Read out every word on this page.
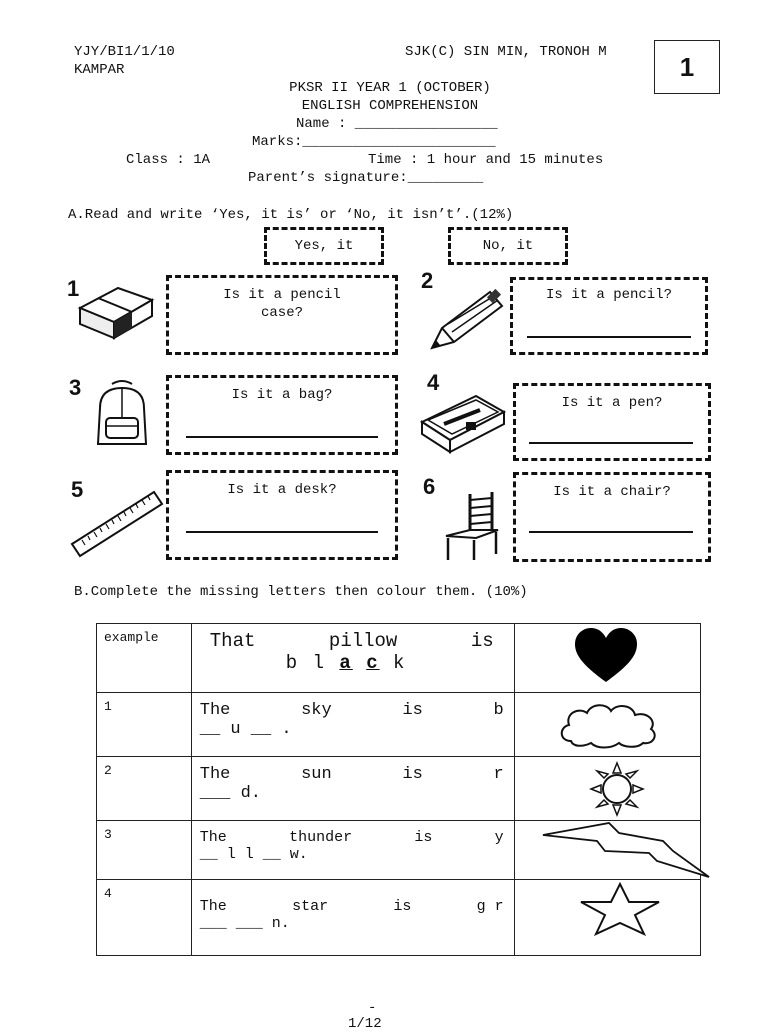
YJY/BI1/1/10	SJK(C) SIN MIN, TRONOH M
KAMPAR	1
PKSR II YEAR 1 (OCTOBER)
ENGLISH COMPREHENSION
Name : _________________
Marks:_______________________
Class : 1A	Time : 1 hour and 15 minutes
Parent’s signature:_________
A.Read and write ‘Yes, it is’ or ‘No, it isn’t’.(12%)
Yes, it	No, it
1	Is it a pencil case?
2
Is it a pencil?
3	Is it a bag?	4
Is it a pen?
5	Is it a desk?	6	Is it a chair?
B.Complete the missing letters then colour them. (10%)
example	That pillow is
b l a c k

1	The sky is b
__ u __ .

2	The sun is r
___ d.

3	The thunder is y
__ l l __ w.

4	The star is g r
___ ___ n.

-
1/12
